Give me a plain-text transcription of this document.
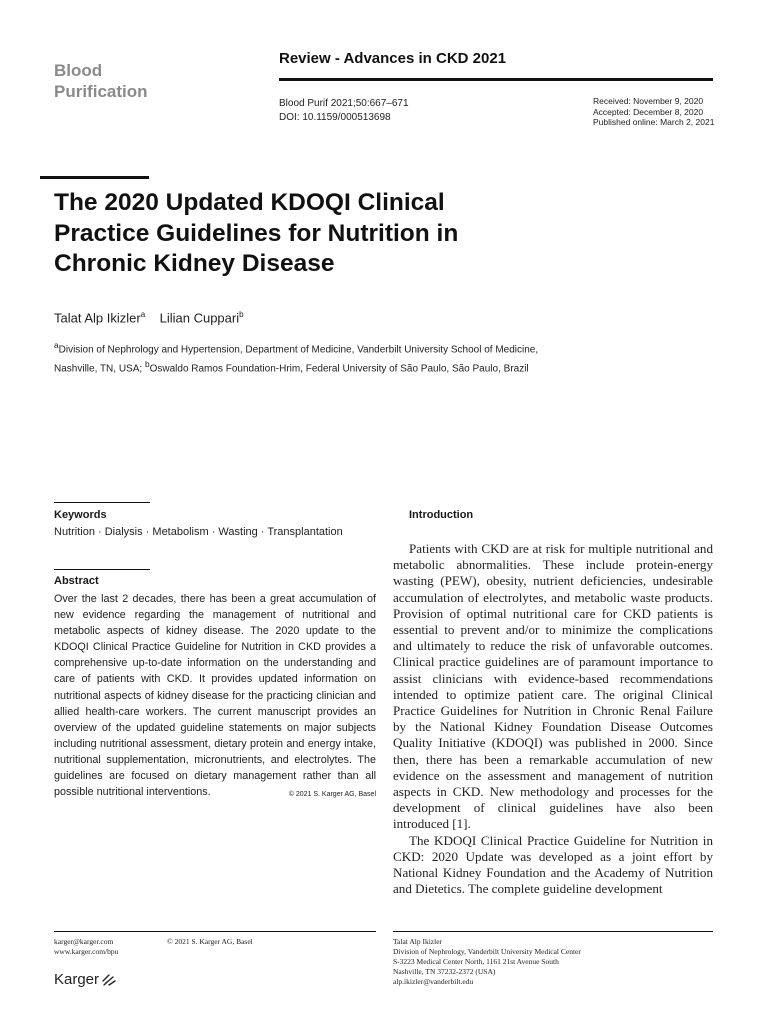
Blood
Purification
Review - Advances in CKD 2021
Blood Purif 2021;50:667–671
DOI: 10.1159/000513698
Received: November 9, 2020
Accepted: December 8, 2020
Published online: March 2, 2021
The 2020 Updated KDOQI Clinical
Practice Guidelines for Nutrition in
Chronic Kidney Disease
Talat Alp Ikizler$^a$ Lilian Cuppari$^b$
$^a$Division of Nephrology and Hypertension, Department of Medicine, Vanderbilt University School of Medicine,
Nashville, TN, USA; $^b$Oswaldo Ramos Foundation-Hrim, Federal University of São Paulo, São Paulo, Brazil
Keywords
Nutrition · Dialysis · Metabolism · Wasting · Transplantation
Abstract
Over the last 2 decades, there has been a great accumulation of new evidence regarding the management of nutritional and metabolic aspects of kidney disease. The 2020 update to the KDOQI Clinical Practice Guideline for Nutrition in CKD provides a comprehensive up-to-date information on the understanding and care of patients with CKD. It provides updated information on nutritional aspects of kidney disease for the practicing clinician and allied health-care workers. The current manuscript provides an overview of the updated guideline statements on major subjects including nutritional assessment, dietary protein and energy intake, nutritional supplementation, micronutrients, and electrolytes. The guidelines are focused on dietary management rather than all possible nutritional interventions.	© 2021 S. Karger AG, Basel
Introduction

Patients with CKD are at risk for multiple nutritional and metabolic abnormalities. These include protein-energy wasting (PEW), obesity, nutrient deficiencies, undesirable accumulation of electrolytes, and metabolic waste products. Provision of optimal nutritional care for CKD patients is essential to prevent and/or to minimize the complications and ultimately to reduce the risk of unfavorable outcomes. Clinical practice guidelines are of paramount importance to assist clinicians with evidence-based recommendations intended to optimize patient care. The original Clinical Practice Guidelines for Nutrition in Chronic Renal Failure by the National Kidney Foundation Disease Outcomes Quality Initiative (KDOQI) was published in 2000. Since then, there has been a remarkable accumulation of new evidence on the assessment and management of nutrition aspects in CKD. New methodology and processes for the development of clinical guidelines have also been introduced [1].

The KDOQI Clinical Practice Guideline for Nutrition in CKD: 2020 Update was developed as a joint effort by National Kidney Foundation and the Academy of Nutrition and Dietetics. The complete guideline development

karger@karger.com
www.karger.com/bpu
© 2021 S. Karger AG, Basel
Karger
Talat Alp Ikizler
Division of Nephrology, Vanderbilt University Medical Center
S-3223 Medical Center North, 1161 21st Avenue South
Nashville, TN 37232-2372 (USA)
alp.ikizler@vanderbilt.edu
